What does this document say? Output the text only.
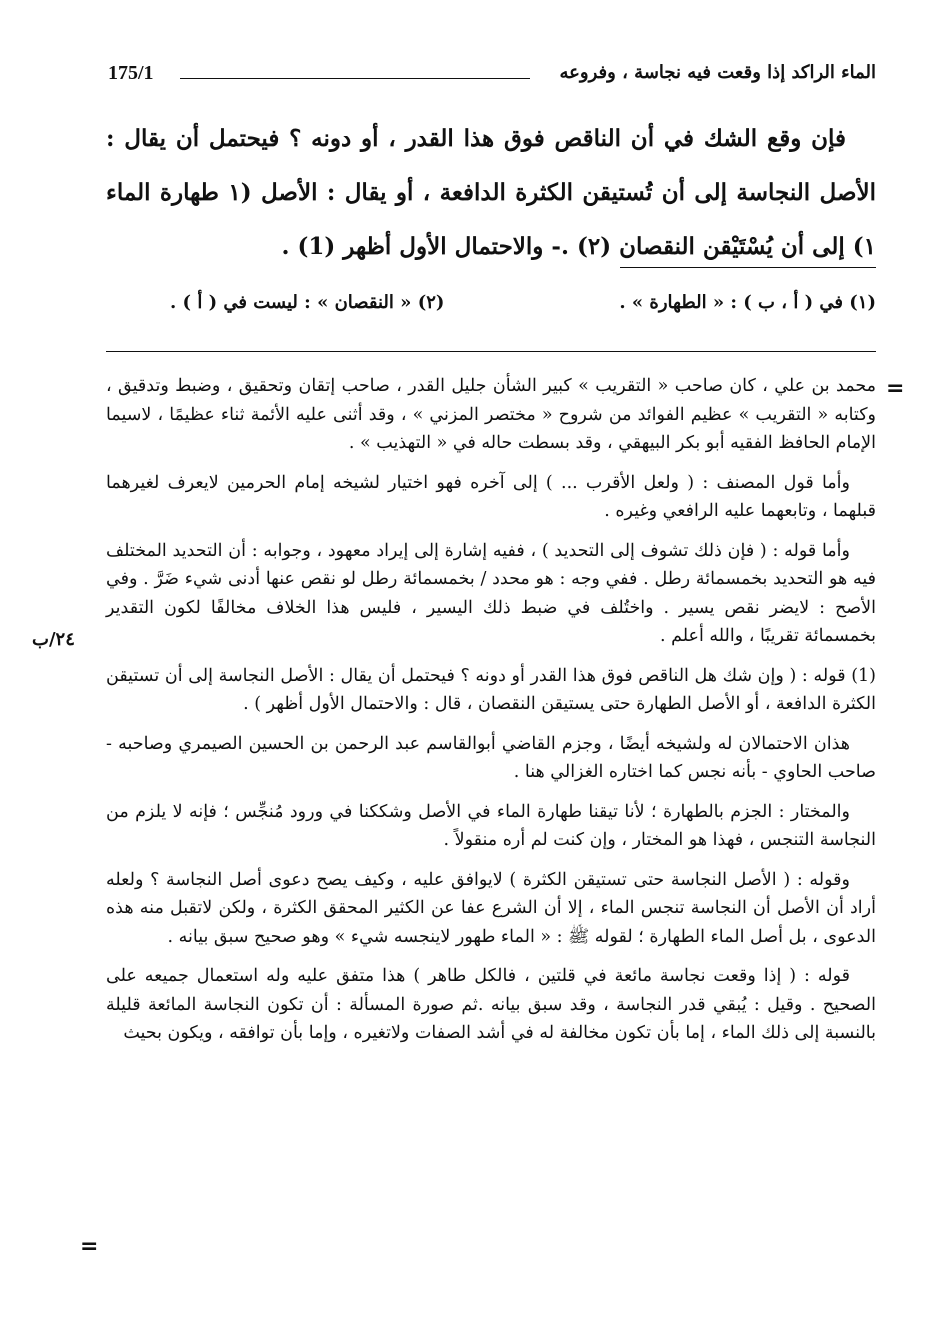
الماء الراكد إذا وقعت فيه نجاسة ، وفروعه
175/1

فإن وقع الشك في أن الناقص فوق هذا القدر ، أو دونه ؟ فيحتمل أن يقال : الأصل النجاسة إلى أن تُستيقن الكثرة الدافعة ، أو يقال : الأصل (١ طهارة الماء ١) إلى أن يُسْتَيْقن النقصان (٢) .- والاحتمال الأول أظهر (1) .

(١) في ( أ ، ب ) : « الطهارة » .
(٢) « النقصان » : ليست في ( أ ) .
=
٢٤/ب

محمد بن علي ، كان صاحب « التقريب » كبير الشأن جليل القدر ، صاحب إتقان وتحقيق ، وضبط وتدقيق ، وكتابه « التقريب » عظيم الفوائد من شروح « مختصر المزني » ، وقد أثنى عليه الأئمة ثناء عظيمًا ، لاسيما الإمام الحافظ الفقيه أبو بكر البيهقي ، وقد بسطت حاله في « التهذيب » .

وأما قول المصنف : ( ولعل الأقرب ... ) إلى آخره فهو اختيار لشيخه إمام الحرمين لايعرف لغيرهما قبلهما ، وتابعهما عليه الرافعي وغيره .

وأما قوله : ( فإن ذلك تشوف إلى التحديد ) ، ففيه إشارة إلى إيراد معهود ، وجوابه : أن التحديد المختلف فيه هو التحديد بخمسمائة رطل . ففي وجه : هو محدد / بخمسمائة رطل لو نقص عنها أدنى شيء ضَرَّ . وفي الأصح : لايضر نقص يسير . واختُلف في ضبط ذلك اليسير ، فليس هذا الخلاف مخالفًا لكون التقدير بخمسمائة تقريبًا ، والله أعلم .

(1) قوله : ( وإن شك هل الناقص فوق هذا القدر أو دونه ؟ فيحتمل أن يقال : الأصل النجاسة إلى أن تستيقن الكثرة الدافعة ، أو الأصل الطهارة حتى يستيقن النقصان ، قال : والاحتمال الأول أظهر ) .

هذان الاحتمالان له ولشيخه أيضًا ، وجزم القاضي أبوالقاسم عبد الرحمن بن الحسين الصيمري وصاحبه - صاحب الحاوي - بأنه نجس كما اختاره الغزالي هنا .

والمختار : الجزم بالطهارة ؛ لأنا تيقنا طهارة الماء في الأصل وشككنا في ورود مُنجِّس ؛ فإنه لا يلزم من النجاسة التنجس ، فهذا هو المختار ، وإن كنت لم أره منقولاً .

وقوله : ( الأصل النجاسة حتى تستيقن الكثرة ) لايوافق عليه ، وكيف يصح دعوى أصل النجاسة ؟ ولعله أراد أن الأصل أن النجاسة تنجس الماء ، إلا أن الشرع عفا عن الكثير المحقق الكثرة ، ولكن لاتقبل منه هذه الدعوى ، بل أصل الماء الطهارة ؛ لقوله ﷺ : « الماء طهور لاينجسه شيء » وهو صحيح سبق بيانه .

قوله : ( إذا وقعت نجاسة مائعة في قلتين ، فالكل طاهر ) هذا متفق عليه وله استعمال جميعه على الصحيح . وقيل : يُبقي قدر النجاسة ، وقد سبق بيانه .ثم صورة المسألة : أن تكون النجاسة المائعة قليلة بالنسبة إلى ذلك الماء ، إما بأن تكون مخالفة له في أشد الصفات ولاتغيره ، وإما بأن توافقه ، ويكون بحيث

=
